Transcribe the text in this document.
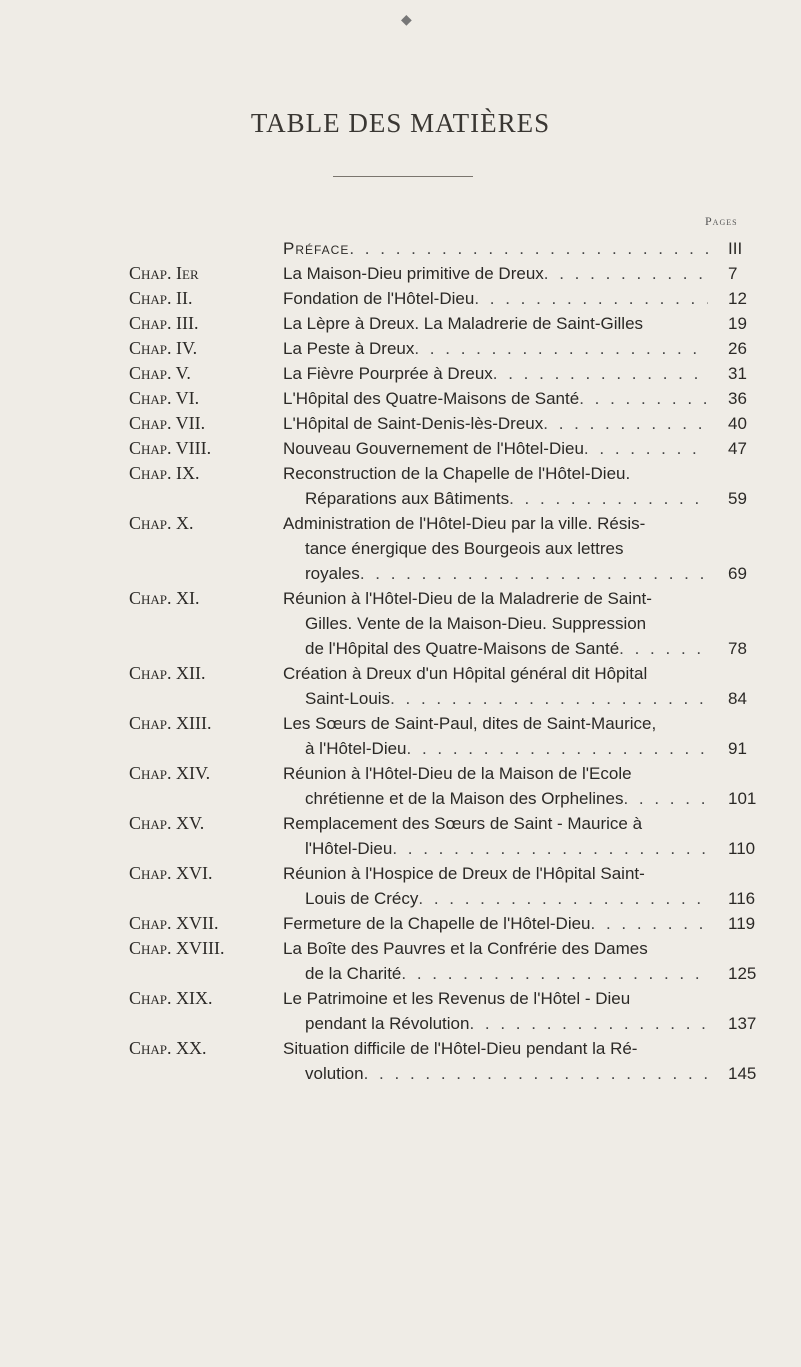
◆
TABLE DES MATIÈRES
Pages
Préface . . .	III
Chap. Ier	La Maison-Dieu primitive de Dreux . . .	7
Chap. II.	Fondation de l'Hôtel-Dieu . . .	12
Chap. III.	La Lèpre à Dreux. La Maladrerie de Saint-Gilles	19
Chap. IV.	La Peste à Dreux . . .	26
Chap. V.	La Fièvre Pourprée à Dreux . . .	31
Chap. VI.	L'Hôpital des Quatre-Maisons de Santé . . .	36
Chap. VII.	L'Hôpital de Saint-Denis-lès-Dreux . . .	40
Chap. VIII.	Nouveau Gouvernement de l'Hôtel-Dieu . . .	47
Chap. IX.	Reconstruction de la Chapelle de l'Hôtel-Dieu.
Réparations aux Bâtiments . . .	59
Chap. X.	Administration de l'Hôtel-Dieu par la ville. Résis-
tance énergique des Bourgeois aux lettres
royales . . .	69
Chap. XI.	Réunion à l'Hôtel-Dieu de la Maladrerie de Saint-
Gilles. Vente de la Maison-Dieu. Suppression
de l'Hôpital des Quatre-Maisons de Santé . . .	78
Chap. XII.	Création à Dreux d'un Hôpital général dit Hôpital
Saint-Louis . . .	84
Chap. XIII.	Les Sœurs de Saint-Paul, dites de Saint-Maurice,
à l'Hôtel-Dieu . . .	91
Chap. XIV.	Réunion à l'Hôtel-Dieu de la Maison de l'Ecole
chrétienne et de la Maison des Orphelines . . .	101
Chap. XV.	Remplacement des Sœurs de Saint - Maurice à
l'Hôtel-Dieu . . .	110
Chap. XVI.	Réunion à l'Hospice de Dreux de l'Hôpital Saint-
Louis de Crécy . . .	116
Chap. XVII.	Fermeture de la Chapelle de l'Hôtel-Dieu . . .	119
Chap. XVIII.	La Boîte des Pauvres et la Confrérie des Dames
de la Charité . . .	125
Chap. XIX.	Le Patrimoine et les Revenus de l'Hôtel - Dieu
pendant la Révolution . . .	137
Chap. XX.	Situation difficile de l'Hôtel-Dieu pendant la Ré-
volution . . .	145
